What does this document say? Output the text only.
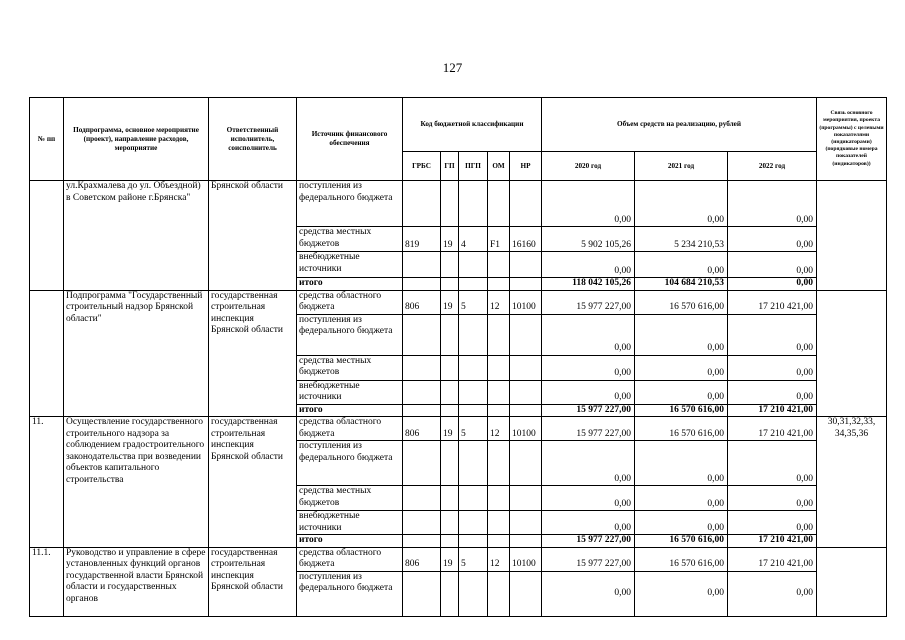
127
№ пп	Подпрограмма, основное мероприятие (проект), направление расходов, мероприятие	Ответственный исполнитель, соисполнитель	Источник финансового обеспечения	Код бюджетной классификации					Объем средств на реализацию, рублей			Связь основного мероприятия, проекта (программы) с целевыми показателями (индикаторами) (порядковые номера показателей (индикаторов))
				ГРБС	ГП	ПГП	ОМ	НР	2020 год	2021 год	2022 год	
	ул.Крахмалева до ул. Объездной) в Советском районе г.Брянска"	Брянской области	поступления из федерального бюджета						0,00	0,00	0,00	
			средства местных бюджетов	819	19	4	F1	16160	5 902 105,26	5 234 210,53	0,00	
			внебюджетные источники						0,00	0,00	0,00	
			итого						118 042 105,26	104 684 210,53	0,00	
	Подпрограмма "Государственный строительный надзор Брянской области"	государственная строительная инспекция Брянской области	средства областного бюджета	806	19	5	12	10100	15 977 227,00	16 570 616,00	17 210 421,00	
			поступления из федерального бюджета						0,00	0,00	0,00	
			средства местных бюджетов						0,00	0,00	0,00	
			внебюджетные источники						0,00	0,00	0,00	
			итого						15 977 227,00	16 570 616,00	17 210 421,00	
11.	Осуществление государственного строительного надзора за соблюдением градостроительного законодательства при возведении объектов капитального строительства	государственная строительная инспекция Брянской области	средства областного бюджета	806	19	5	12	10100	15 977 227,00	16 570 616,00	17 210 421,00	30,31,32,33, 34,35,36
			поступления из федерального бюджета						0,00	0,00	0,00	
			средства местных бюджетов						0,00	0,00	0,00	
			внебюджетные источники						0,00	0,00	0,00	
			итого						15 977 227,00	16 570 616,00	17 210 421,00	
11.1.	Руководство и управление в сфере установленных функций органов государственной власти Брянской области и государственных органов	государственная строительная инспекция Брянской области	средства областного бюджета	806	19	5	12	10100	15 977 227,00	16 570 616,00	17 210 421,00	
			поступления из федерального бюджета						0,00	0,00	0,00	
